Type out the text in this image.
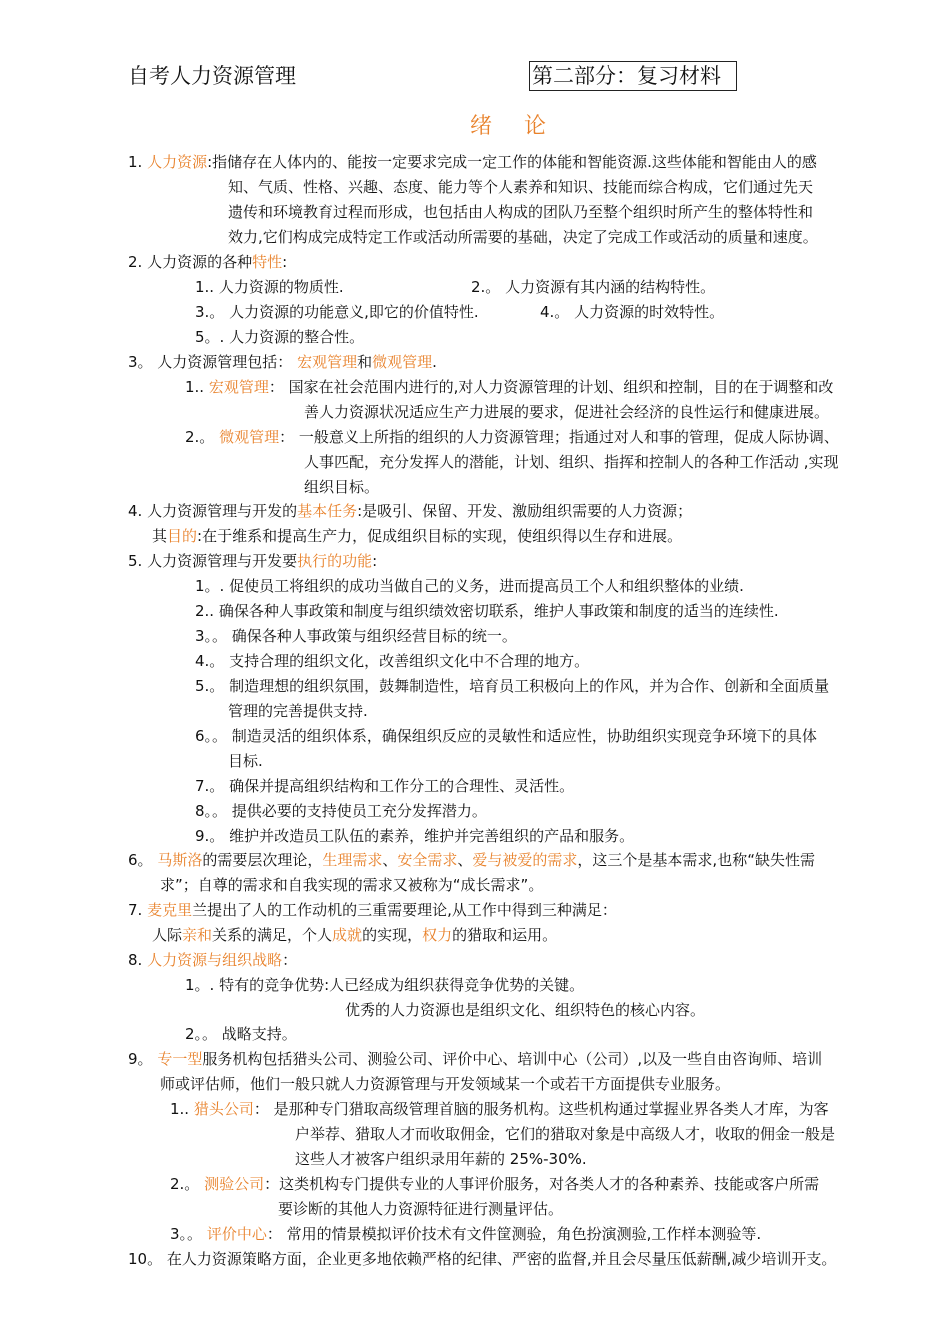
自考人力资源管理	第二部分：复习材料
绪论
1. 人力资源:指储存在人体内的、能按一定要求完成一定工作的体能和智能资源.这些体能和智能由人的感
知、气质、性格、兴趣、态度、能力等个人素养和知识、技能而综合构成，它们通过先天
遗传和环境教育过程而形成，也包括由人构成的团队乃至整个组织时所产生的整体特性和
效力,它们构成完成特定工作或活动所需要的基础，决定了完成工作或活动的质量和速度。
2. 人力资源的各种特性:
1.. 人力资源的物质性.	2.。 人力资源有其内涵的结构特性。
3.。 人力资源的功能意义,即它的价值特性.	4.。 人力资源的时效特性。
5。. 人力资源的整合性。
3。 人力资源管理包括： 宏观管理和微观管理.
1.. 宏观管理： 国家在社会范围内进行的,对人力资源管理的计划、组织和控制，目的在于调整和改
善人力资源状况适应生产力进展的要求，促进社会经济的良性运行和健康进展。
2.。 微观管理： 一般意义上所指的组织的人力资源管理；指通过对人和事的管理，促成人际协调、
人事匹配，充分发挥人的潜能，计划、组织、指挥和控制人的各种工作活动 ,实现
组织目标。
4. 人力资源管理与开发的基本任务:是吸引、保留、开发、激励组织需要的人力资源；
其目的:在于维系和提高生产力，促成组织目标的实现，使组织得以生存和进展。
5. 人力资源管理与开发要执行的功能:
1。. 促使员工将组织的成功当做自己的义务，进而提高员工个人和组织整体的业绩.
2.. 确保各种人事政策和制度与组织绩效密切联系，维护人事政策和制度的适当的连续性.
3。。 确保各种人事政策与组织经营目标的统一。
4.。 支持合理的组织文化，改善组织文化中不合理的地方。
5.。 制造理想的组织氛围，鼓舞制造性，培育员工积极向上的作风，并为合作、创新和全面质量
管理的完善提供支持.
6。。 制造灵活的组织体系，确保组织反应的灵敏性和适应性，协助组织实现竞争环境下的具体
目标.
7.。 确保并提高组织结构和工作分工的合理性、灵活性。
8。。 提供必要的支持使员工充分发挥潜力。
9.。 维护并改造员工队伍的素养，维护并完善组织的产品和服务。
6。 马斯洛的需要层次理论，生理需求、安全需求、爱与被爱的需求，这三个是基本需求,也称“缺失性需
求”；自尊的需求和自我实现的需求又被称为“成长需求”。
7. 麦克里兰提出了人的工作动机的三重需要理论,从工作中得到三种满足：
人际亲和关系的满足，个人成就的实现，权力的猎取和运用。
8. 人力资源与组织战略：
1。. 特有的竞争优势:人已经成为组织获得竞争优势的关键。
优秀的人力资源也是组织文化、组织特色的核心内容。
2。。 战略支持。
9。 专一型服务机构包括猎头公司、测验公司、评价中心、培训中心（公司）,以及一些自由咨询师、培训
师或评估师，他们一般只就人力资源管理与开发领域某一个或若干方面提供专业服务。
1.. 猎头公司： 是那种专门猎取高级管理首脑的服务机构。这些机构通过掌握业界各类人才库，为客
户举荐、猎取人才而收取佣金，它们的猎取对象是中高级人才，收取的佣金一般是
这些人才被客户组织录用年薪的 25%-30%.
2.。 测验公司：这类机构专门提供专业的人事评价服务，对各类人才的各种素养、技能或客户所需
要诊断的其他人力资源特征进行测量评估。
3。。 评价中心： 常用的情景模拟评价技术有文件筐测验，角色扮演测验,工作样本测验等.
10。 在人力资源策略方面，企业更多地依赖严格的纪律、严密的监督,并且会尽量压低薪酬,减少培训开支。
